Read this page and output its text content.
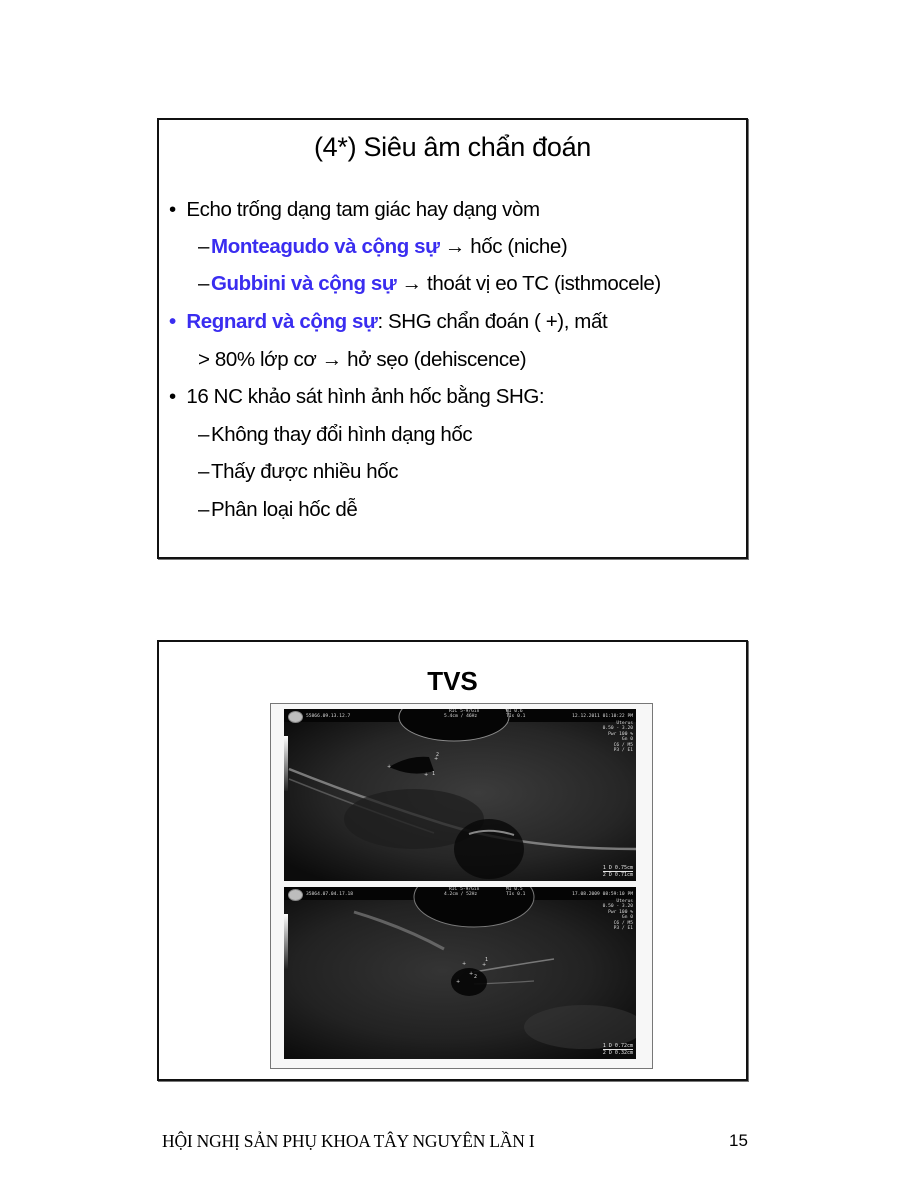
(4*) Siêu âm chẩn đoán
• Echo trống dạng tam giác hay dạng vòm
–Monteagudo và cộng sự → hốc (niche)
–Gubbini và cộng sự → thoát vị eo TC (isthmocele)
• Regnard và cộng sự: SHG chẩn đoán ( +), mất
> 80% lớp cơ → hở sẹo (dehiscence)
• 16 NC khảo sát hình ảnh hốc bằng SHG:
–Không thay đổi hình dạng hốc
–Thấy được nhiều hốc
–Phân loại hốc dễ
TVS
+
+
+
55866.09.13.12.7
RIC 5-9/Gin
5.4cm / 46Hz
MI 0.6
TIs 0.1	12.12.2011 01:10:22 PM
Uterus
0.50 - 3.20
Pwr 100 %
Gn 0
C6 / M5
P3 / E1
1
2
1 D 0.75cm
2 D 0.71cm
+	+
+
+
35864.07.04.17.18
RIC 5-9/Gin
4.2cm / 52Hz
MI 0.5
TIs 0.1	17.08.2009 08:59:10 PM
Uterus
0.50 - 3.20
Pwr 100 %
Gn 0
C6 / M5
P3 / E1
1
2
1 D 0.72cm
2 D 0.32cm
HỘI NGHỊ SẢN PHỤ KHOA TÂY NGUYÊN LẦN I	15
